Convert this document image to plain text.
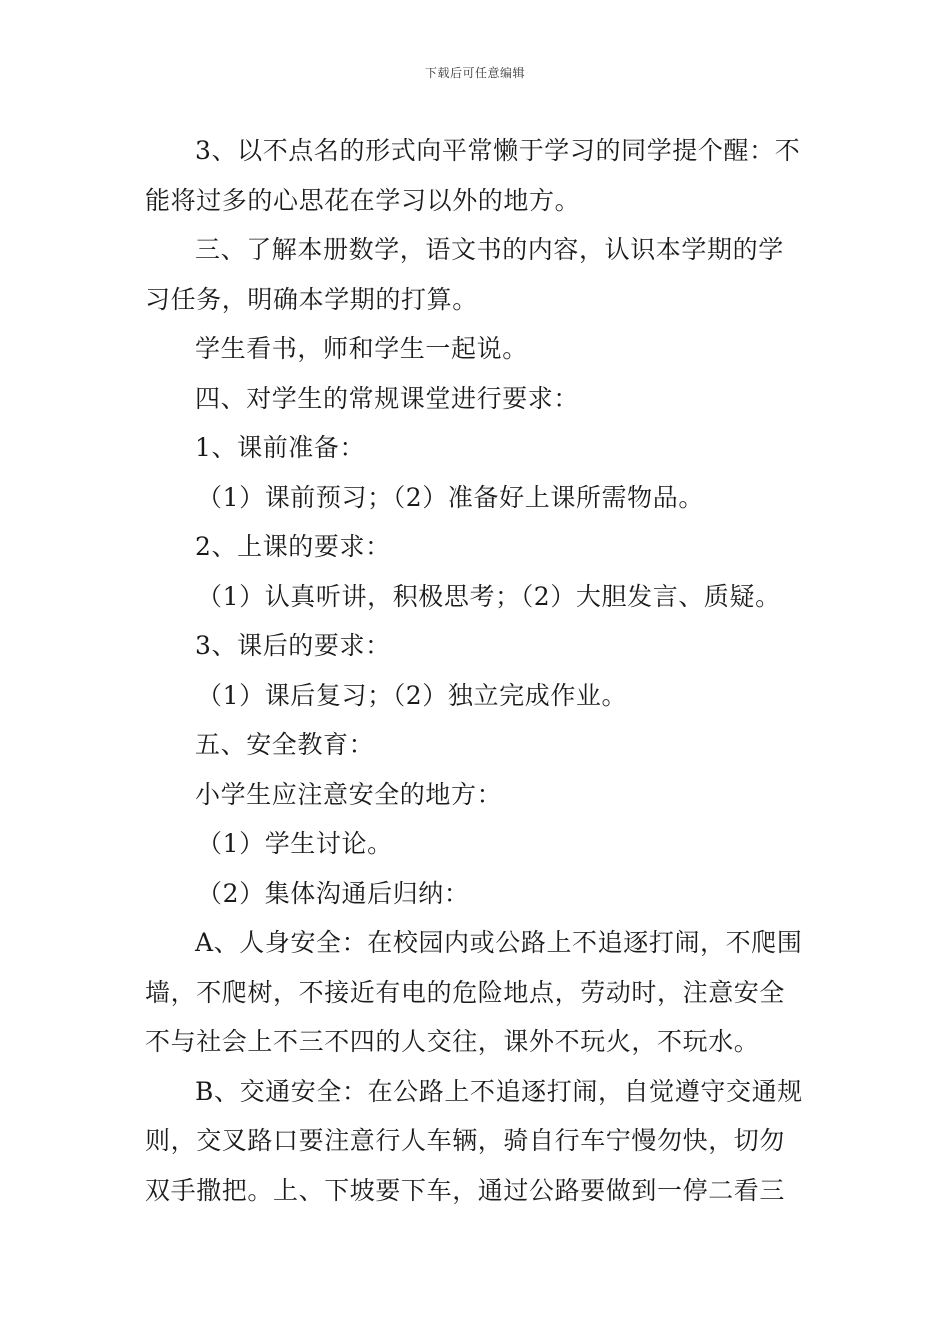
下载后可任意编辑
3、以不点名的形式向平常懒于学习的同学提个醒：不
能将过多的心思花在学习以外的地方。
三、了解本册数学，语文书的内容，认识本学期的学
习任务，明确本学期的打算。
学生看书，师和学生一起说。
四、对学生的常规课堂进行要求：
1、课前准备：
（1）课前预习；（2）准备好上课所需物品。
2、上课的要求：
（1）认真听讲，积极思考；（2）大胆发言、质疑。
3、课后的要求：
（1）课后复习；（2）独立完成作业。
五、安全教育：
小学生应注意安全的地方：
（1）学生讨论。
（2）集体沟通后归纳：
A、人身安全：在校园内或公路上不追逐打闹，不爬围
墙，不爬树，不接近有电的危险地点，劳动时，注意安全
不与社会上不三不四的人交往，课外不玩火，不玩水。
B、交通安全：在公路上不追逐打闹，自觉遵守交通规
则，交叉路口要注意行人车辆，骑自行车宁慢勿快，切勿
双手撒把。上、下坡要下车，通过公路要做到一停二看三
